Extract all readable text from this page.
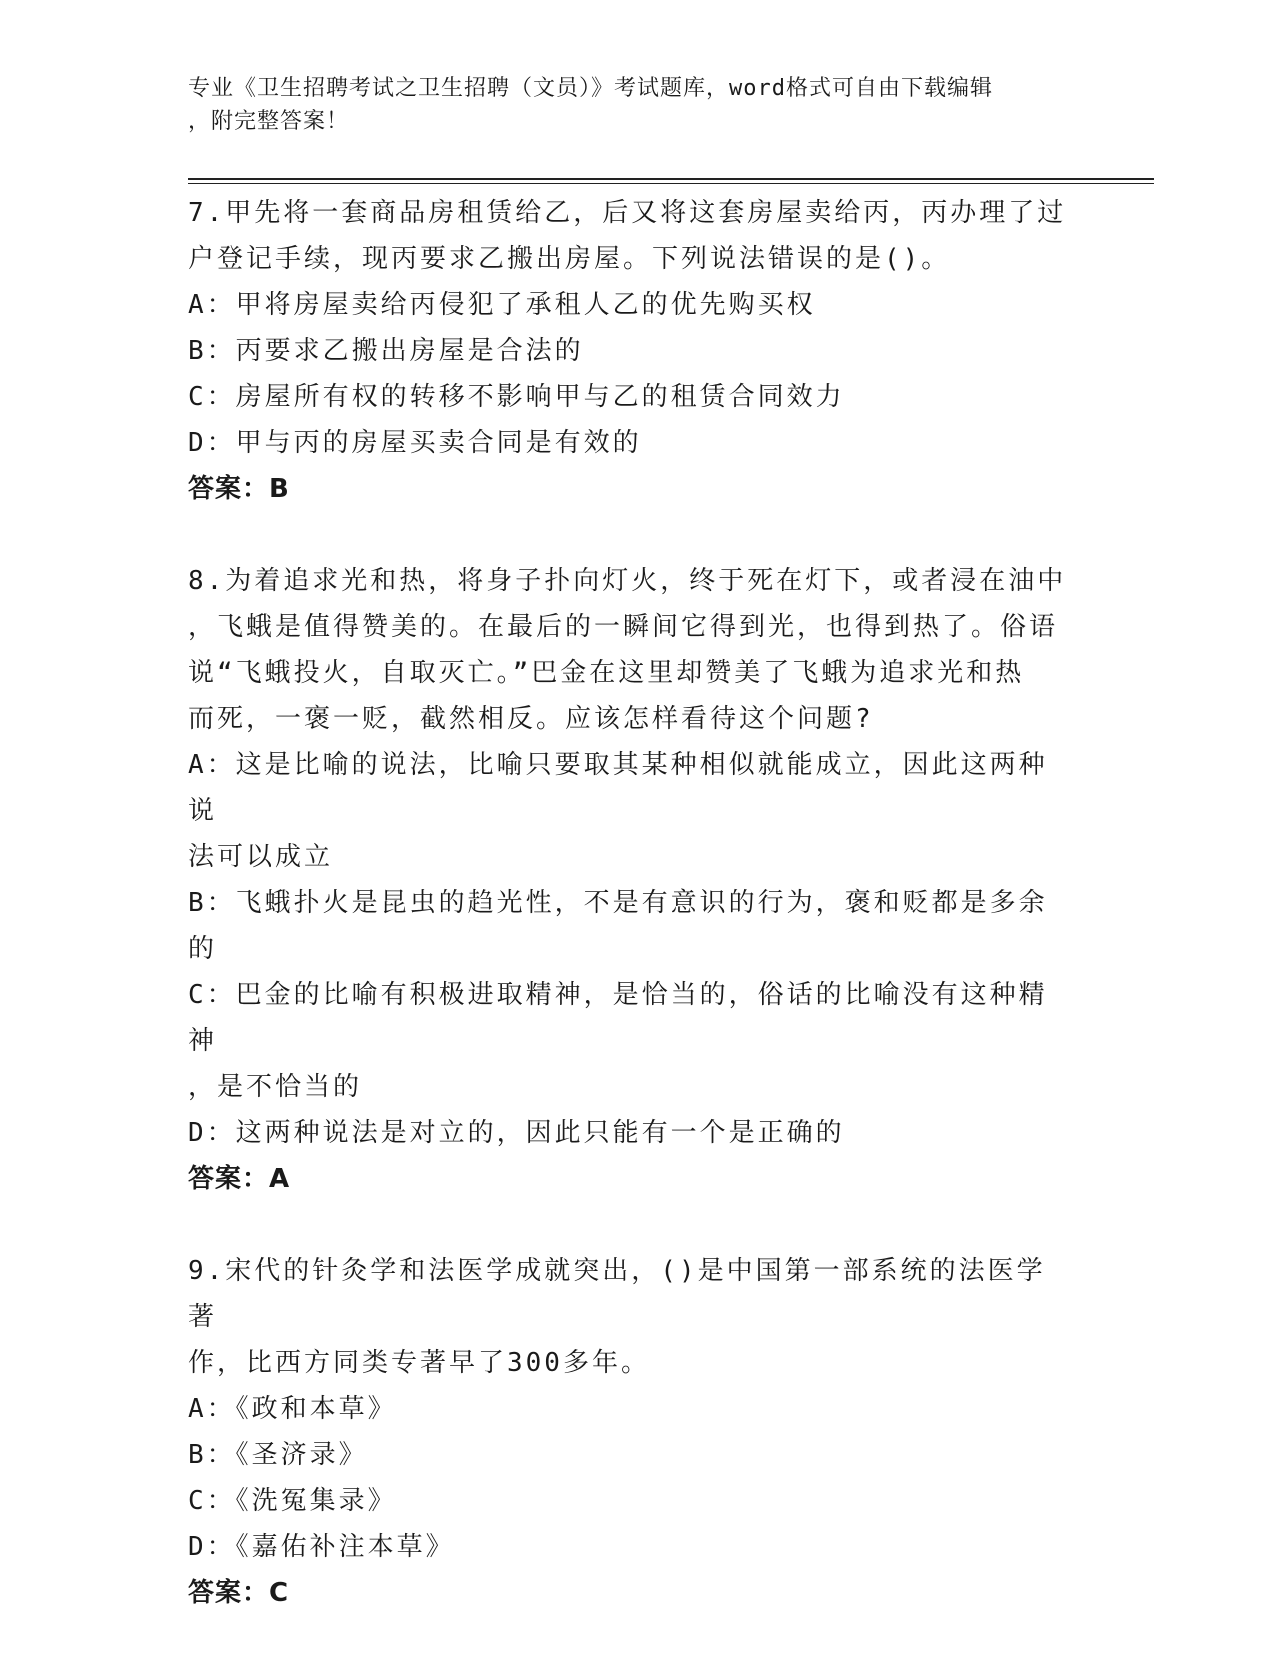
专业《卫生招聘考试之卫生招聘（文员）》考试题库，word格式可自由下载编辑
，附完整答案！
7.甲先将一套商品房租赁给乙，后又将这套房屋卖给丙，丙办理了过
户登记手续，现丙要求乙搬出房屋。下列说法错误的是()。
A：甲将房屋卖给丙侵犯了承租人乙的优先购买权
B：丙要求乙搬出房屋是合法的
C：房屋所有权的转移不影响甲与乙的租赁合同效力
D：甲与丙的房屋买卖合同是有效的
答案：B
8.为着追求光和热，将身子扑向灯火，终于死在灯下，或者浸在油中
，飞蛾是值得赞美的。在最后的一瞬间它得到光，也得到热了。俗语
说“飞蛾投火，自取灭亡。”巴金在这里却赞美了飞蛾为追求光和热
而死，一褒一贬，截然相反。应该怎样看待这个问题?
A：这是比喻的说法，比喻只要取其某种相似就能成立，因此这两种说
法可以成立
B：飞蛾扑火是昆虫的趋光性，不是有意识的行为，褒和贬都是多余的
C：巴金的比喻有积极进取精神，是恰当的，俗话的比喻没有这种精神
，是不恰当的
D：这两种说法是对立的，因此只能有一个是正确的
答案：A
9.宋代的针灸学和法医学成就突出，()是中国第一部系统的法医学著
作，比西方同类专著早了300多年。
A：《政和本草》
B：《圣济录》
C：《洗冤集录》
D：《嘉佑补注本草》
答案：C
